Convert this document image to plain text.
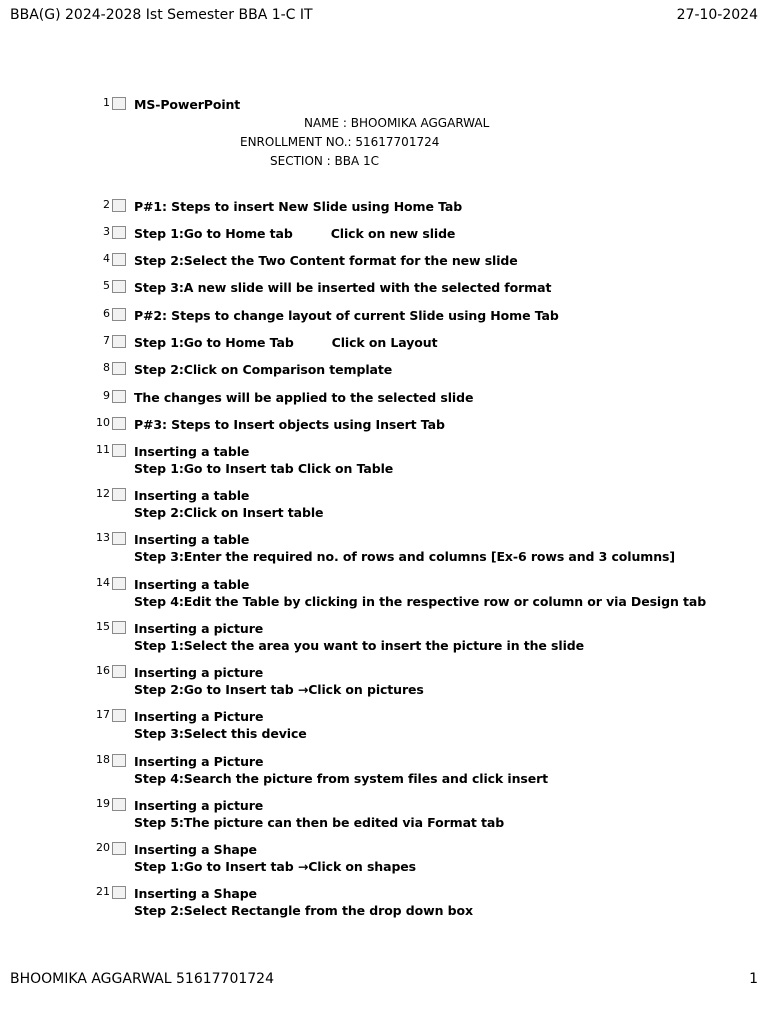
BBA(G) 2024-2028 Ist Semester BBA 1-C IT	27-10-2024
1 MS-PowerPoint
NAME : BHOOMIKA AGGARWAL
ENROLLMENT NO.: 51617701724
SECTION : BBA 1C
2 P#1: Steps to insert New Slide using Home Tab
3 Step 1:Go to Home tab	Click on new slide
4 Step 2:Select the Two Content format for the new slide
5 Step 3:A new slide will be inserted with the selected format
6 P#2: Steps to change layout of current Slide using Home Tab
7 Step 1:Go to Home Tab	Click on Layout
8 Step 2:Click on Comparison template
9 The changes will be applied to the selected slide
10 P#3: Steps to Insert objects using Insert Tab
11 Inserting a table
Step 1:Go to Insert tab Click on Table
12 Inserting a table
Step 2:Click on Insert table
13 Inserting a table
Step 3:Enter the required no. of rows and columns [Ex-6 rows and 3 columns]
14 Inserting a table
Step 4:Edit the Table by clicking in the respective row or column or via Design tab
15 Inserting a picture
Step 1:Select the area you want to insert the picture in the slide
16 Inserting a picture
Step 2:Go to Insert tab →Click on pictures
17 Inserting a Picture
Step 3:Select this device
18 Inserting a Picture
Step 4:Search the picture from system files and click insert
19 Inserting a picture
Step 5:The picture can then be edited via Format tab
20 Inserting a Shape
Step 1:Go to Insert tab →Click on shapes
21 Inserting a Shape
Step 2:Select Rectangle from the drop down box
BHOOMIKA AGGARWAL 51617701724	1
